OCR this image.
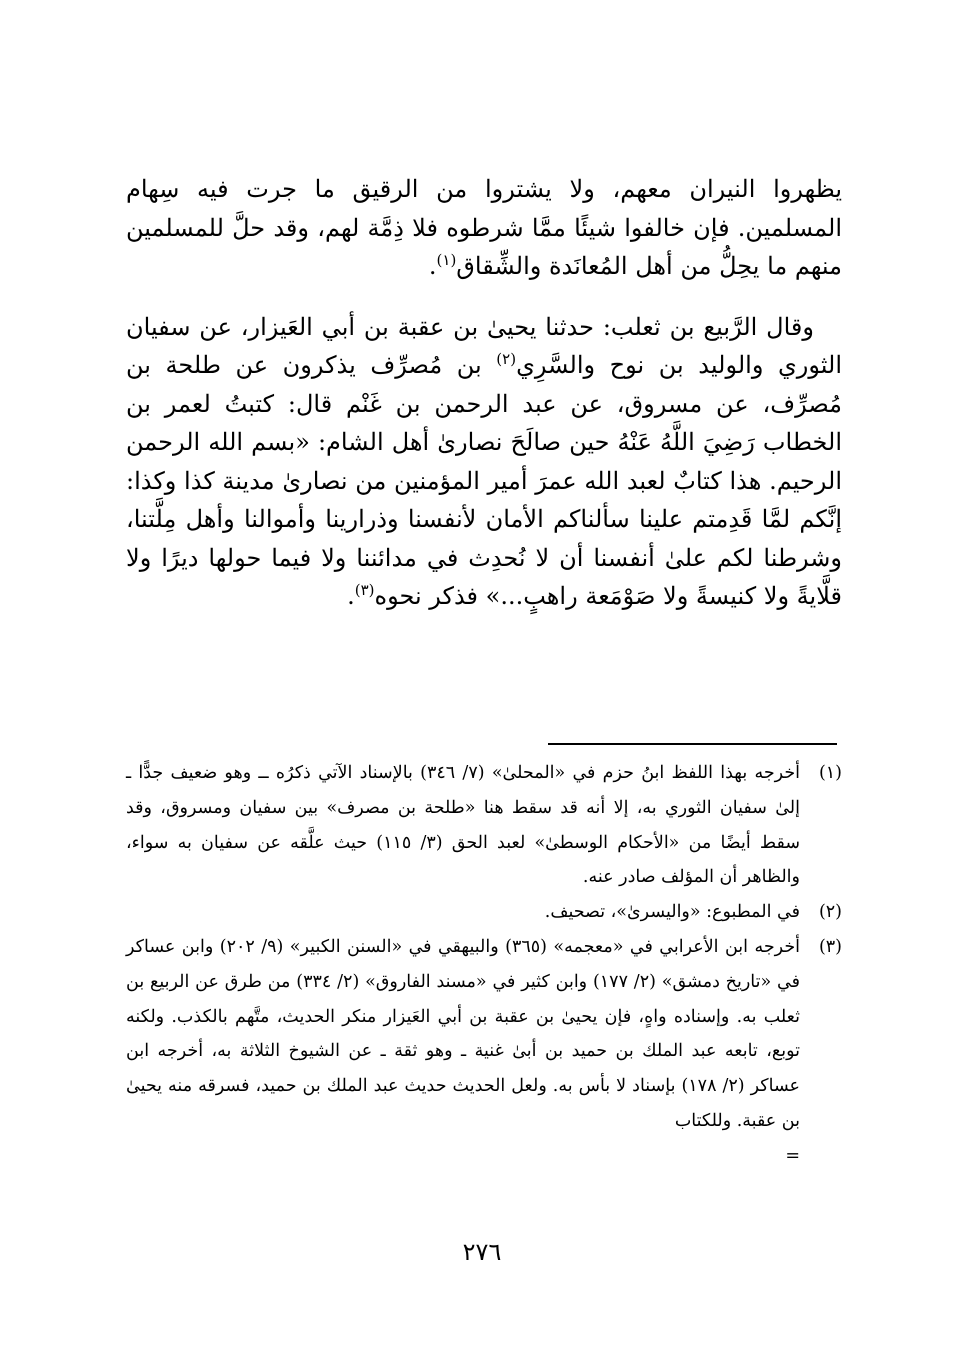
يظهروا النيران معهم، ولا يشتروا من الرقيق ما جرت فيه سِهام المسلمين. فإن خالفوا شيئًا ممَّا شرطوه فلا ذِمَّة لهم، وقد حلَّ للمسلمين منهم ما يحِلُّ من أهل المُعانَدة والشِّقاق$^{(١)}$.

وقال الرَّبيع بن ثعلب: حدثنا يحيىٰ بن عقبة بن أبي العَيزار، عن سفيان الثوري والوليد بن نوح والسَّرِي$^{(٢)}$ بن مُصرِّف يذكرون عن طلحة بن مُصرِّف، عن مسروق، عن عبد الرحمن بن غَنْم قال: كتبتُ لعمر بن الخطاب رَضِيَ اللَّهُ عَنْهُ حين صالَحَ نصارىٰ أهل الشام: «بسم الله الرحمن الرحيم. هذا كتابٌ لعبد الله عمرَ أمير المؤمنين من نصارىٰ مدينة كذا وكذا: إنَّكم لمَّا قَدِمتم علينا سألناكم الأمان لأنفسنا وذرارينا وأموالنا وأهل مِلَّتنا، وشرطنا لكم علىٰ أنفسنا أن لا نُحدِث في مدائننا ولا فيما حولها ديرًا ولا قلَّايةً ولا كنيسةً ولا صَوْمَعة راهبٍ...» فذكر نحوه$^{(٣)}$.

(١)
أخرجه بهذا اللفظ ابنُ حزم في «المحلىٰ» (٧/ ٣٤٦) بالإسناد الآتي ذكرُه ــ وهو ضعيف جدًّا ـ إلىٰ سفيان الثوري به، إلا أنه قد سقط هنا «طلحة بن مصرف» بين سفيان ومسروق، وقد سقط أيضًا من «الأحكام الوسطىٰ» لعبد الحق (٣/ ١١٥) حيث علَّقه عن سفيان به سواء، والظاهر أن المؤلف صادر عنه.
(٢)
في المطبوع: «واليسرىٰ»، تصحيف.
(٣)
أخرجه ابن الأعرابي في «معجمه» (٣٦٥) والبيهقي في «السنن الكبير» (٩/ ٢٠٢) وابن عساكر في «تاريخ دمشق» (٢/ ١٧٧) وابن كثير في «مسند الفاروق» (٢/ ٣٣٤) من طرق عن الربيع بن ثعلب به. وإسناده واهٍ، فإن يحيىٰ بن عقبة بن أبي العَيزار منكر الحديث، متَّهم بالكذب. ولكنه توبع، تابعه عبد الملك بن حميد بن أبىٰ غنية ـ وهو ثقة ـ عن الشيوخ الثلاثة به، أخرجه ابن عساكر (٢/ ١٧٨) بإسناد لا بأس به. ولعل الحديث حديث عبد الملك بن حميد، فسرقه منه يحيىٰ بن عقبة. وللكتاب

=

٢٧٦
